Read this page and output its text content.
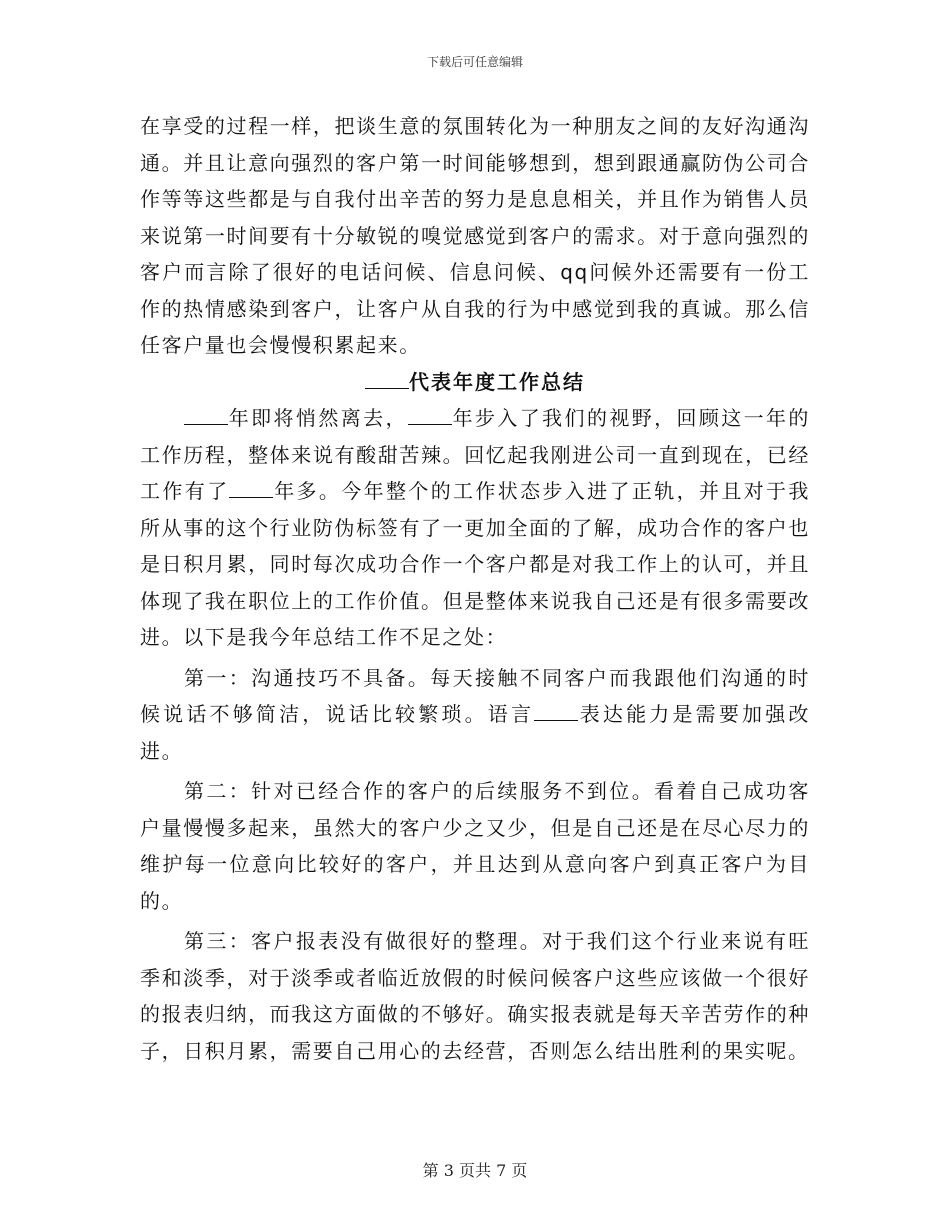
下载后可任意编辑

在享受的过程一样，把谈生意的氛围转化为一种朋友之间的友好沟通沟通。并且让意向强烈的客户第一时间能够想到，想到跟通赢防伪公司合作等等这些都是与自我付出辛苦的努力是息息相关，并且作为销售人员来说第一时间要有十分敏锐的嗅觉感觉到客户的需求。对于意向强烈的客户而言除了很好的电话问候、信息问候、qq问候外还需要有一份工作的热情感染到客户，让客户从自我的行为中感觉到我的真诚。那么信任客户量也会慢慢积累起来。

代表年度工作总结

年即将悄然离去， 年步入了我们的视野，回顾这一年的工作历程，整体来说有酸甜苦辣。回忆起我刚进公司一直到现在，已经工作有了 年多。今年整个的工作状态步入进了正轨，并且对于我所从事的这个行业防伪标签有了一更加全面的了解，成功合作的客户也是日积月累，同时每次成功合作一个客户都是对我工作上的认可，并且体现了我在职位上的工作价值。但是整体来说我自己还是有很多需要改进。以下是我今年总结工作不足之处：

第一：沟通技巧不具备。每天接触不同客户而我跟他们沟通的时候说话不够简洁，说话比较繁琐。语言 表达能力是需要加强改进。

第二：针对已经合作的客户的后续服务不到位。看着自己成功客户量慢慢多起来，虽然大的客户少之又少，但是自己还是在尽心尽力的维护每一位意向比较好的客户，并且达到从意向客户到真正客户为目的。

第三：客户报表没有做很好的整理。对于我们这个行业来说有旺季和淡季，对于淡季或者临近放假的时候问候客户这些应该做一个很好的报表归纳，而我这方面做的不够好。确实报表就是每天辛苦劳作的种子，日积月累，需要自己用心的去经营，否则怎么结出胜利的果实呢。

第 3 页共 7 页
